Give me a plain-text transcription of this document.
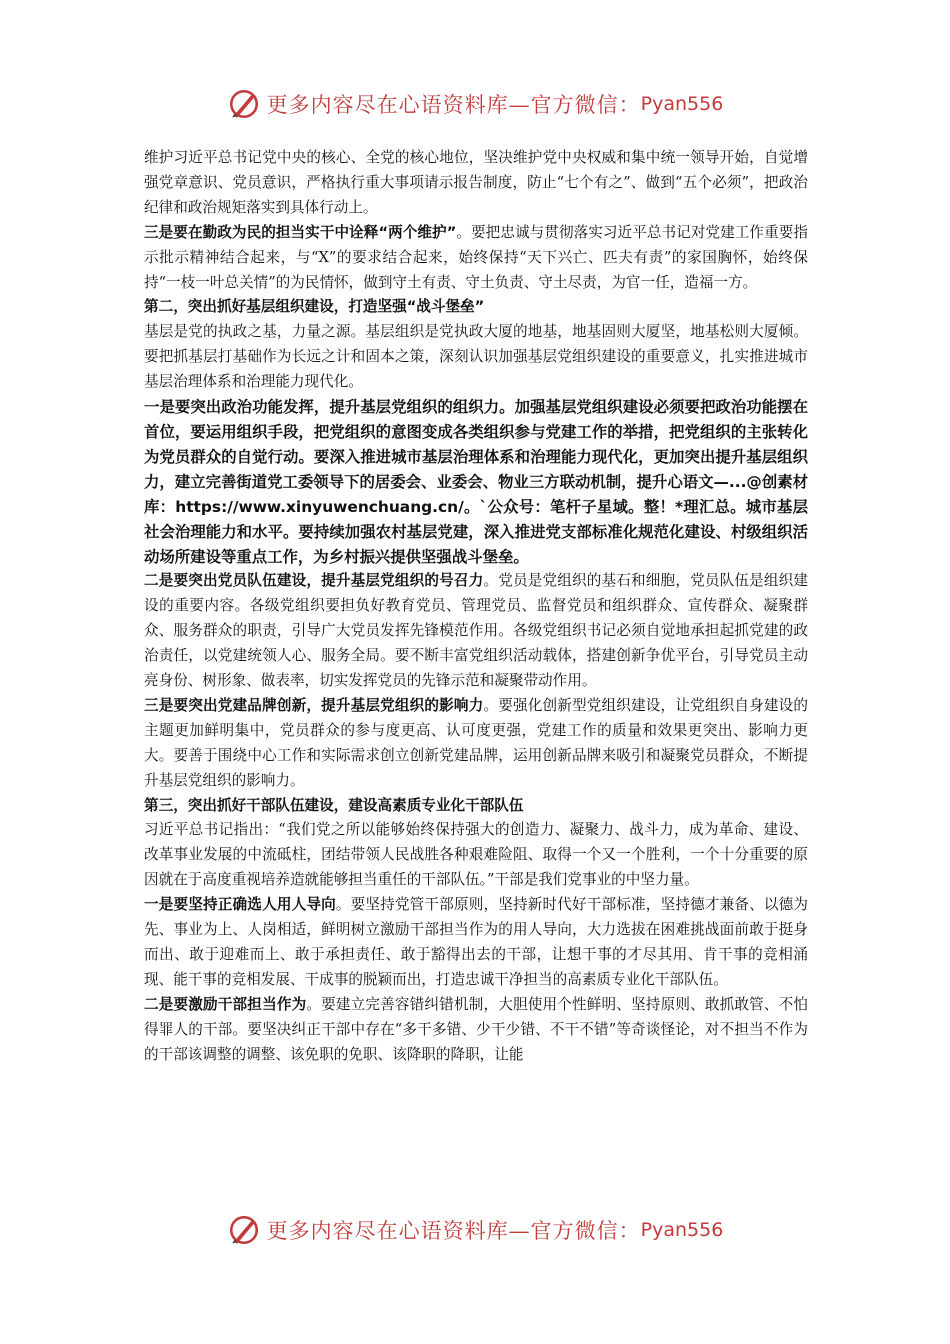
更多内容尽在心语资料库—官方微信： Pyan556

维护习近平总书记党中央的核心、全党的核心地位，坚决维护党中央权威和集中统一领导开始，自觉增强党章意识、党员意识，严格执行重大事项请示报告制度，防止“七个有之”、做到“五个必须”，把政治纪律和政治规矩落实到具体行动上。

三是要在勤政为民的担当实干中诠释“两个维护”。要把忠诚与贯彻落实习近平总书记对党建工作重要指示批示精神结合起来，与“X”的要求结合起来，始终保持“天下兴亡、匹夫有责”的家国胸怀，始终保持“一枝一叶总关情”的为民情怀，做到守土有责、守土负责、守土尽责，为官一任，造福一方。

第二，突出抓好基层组织建设，打造坚强“战斗堡垒”

基层是党的执政之基，力量之源。基层组织是党执政大厦的地基，地基固则大厦坚，地基松则大厦倾。要把抓基层打基础作为长远之计和固本之策，深刻认识加强基层党组织建设的重要意义，扎实推进城市基层治理体系和治理能力现代化。

一是要突出政治功能发挥，提升基层党组织的组织力。加强基层党组织建设必须要把政治功能摆在首位，要运用组织手段，把党组织的意图变成各类组织参与党建工作的举措，把党组织的主张转化为党员群众的自觉行动。要深入推进城市基层治理体系和治理能力现代化，更加突出提升基层组织力，建立完善街道党工委领导下的居委会、业委会、物业三方联动机制，提升心语文—...@创素材库：https://www.xinyuwenchuang.cn/。`公众号：笔杆子星域。整！*理汇总。城市基层社会治理能力和水平。要持续加强农村基层党建，深入推进党支部标准化规范化建设、村级组织活动场所建设等重点工作，为乡村振兴提供坚强战斗堡垒。

二是要突出党员队伍建设，提升基层党组织的号召力。党员是党组织的基石和细胞，党员队伍是组织建设的重要内容。各级党组织要担负好教育党员、管理党员、监督党员和组织群众、宣传群众、凝聚群众、服务群众的职责，引导广大党员发挥先锋模范作用。各级党组织书记必须自觉地承担起抓党建的政治责任，以党建统领人心、服务全局。要不断丰富党组织活动载体，搭建创新争优平台，引导党员主动亮身份、树形象、做表率，切实发挥党员的先锋示范和凝聚带动作用。

三是要突出党建品牌创新，提升基层党组织的影响力。要强化创新型党组织建设，让党组织自身建设的主题更加鲜明集中，党员群众的参与度更高、认可度更强，党建工作的质量和效果更突出、影响力更大。要善于围绕中心工作和实际需求创立创新党建品牌，运用创新品牌来吸引和凝聚党员群众，不断提升基层党组织的影响力。

第三，突出抓好干部队伍建设，建设高素质专业化干部队伍

习近平总书记指出：“我们党之所以能够始终保持强大的创造力、凝聚力、战斗力，成为革命、建设、改革事业发展的中流砥柱，团结带领人民战胜各种艰难险阻、取得一个又一个胜利，一个十分重要的原因就在于高度重视培养造就能够担当重任的干部队伍。”干部是我们党事业的中坚力量。

一是要坚持正确选人用人导向。要坚持党管干部原则，坚持新时代好干部标准，坚持德才兼备、以德为先、事业为上、人岗相适，鲜明树立激励干部担当作为的用人导向，大力选拔在困难挑战面前敢于挺身而出、敢于迎难而上、敢于承担责任、敢于豁得出去的干部，让想干事的才尽其用、肯干事的竞相涌现、能干事的竞相发展、干成事的脱颖而出，打造忠诚干净担当的高素质专业化干部队伍。

二是要激励干部担当作为。要建立完善容错纠错机制，大胆使用个性鲜明、坚持原则、敢抓敢管、不怕得罪人的干部。要坚决纠正干部中存在“多干多错、少干少错、不干不错”等奇谈怪论，对不担当不作为的干部该调整的调整、该免职的免职、该降职的降职，让能

更多内容尽在心语资料库—官方微信： Pyan556
